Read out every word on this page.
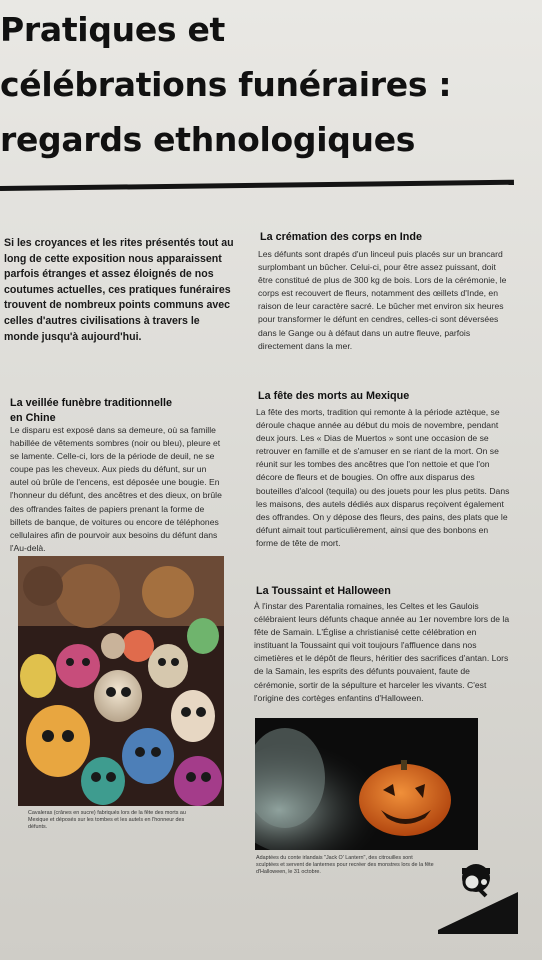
Pratiques et
célébrations funéraires :
regards ethnologiques

Si les croyances et les rites présentés tout au long de cette exposition nous apparaissent parfois étranges et assez éloignés de nos coutumes actuelles, ces pratiques funéraires trouvent de nombreux points communs avec celles d'autres civilisations à travers le monde jusqu'à aujourd'hui.

La veillée funèbre traditionnelle en Chine

Le disparu est exposé dans sa demeure, où sa famille habillée de vêtements sombres (noir ou bleu), pleure et se lamente. Celle-ci, lors de la période de deuil, ne se coupe pas les cheveux. Aux pieds du défunt, sur un autel où brûle de l'encens, est déposée une bougie. En l'honneur du défunt, des ancêtres et des dieux, on brûle des offrandes faites de papiers prenant la forme de billets de banque, de voitures ou encore de téléphones cellulaires afin de pourvoir aux besoins du défunt dans l'Au-delà.

Cavaleras (crânes en sucre) fabriqués lors de la fête des morts au Mexique et déposés sur les tombes et les autels en l'honneur des défunts.

La crémation des corps en Inde

Les défunts sont drapés d'un linceul puis placés sur un brancard surplombant un bûcher. Celui-ci, pour être assez puissant, doit être constitué de plus de 300 kg de bois. Lors de la cérémonie, le corps est recouvert de fleurs, notamment des œillets d'Inde, en raison de leur caractère sacré. Le bûcher met environ six heures pour transformer le défunt en cendres, celles-ci sont déversées dans le Gange ou à défaut dans un autre fleuve, parfois directement dans la mer.

La fête des morts au Mexique

La fête des morts, tradition qui remonte à la période aztèque, se déroule chaque année au début du mois de novembre, pendant deux jours. Les « Dias de Muertos » sont une occasion de se retrouver en famille et de s'amuser en se riant de la mort. On se réunit sur les tombes des ancêtres que l'on nettoie et que l'on décore de fleurs et de bougies. On offre aux disparus des bouteilles d'alcool (tequila) ou des jouets pour les plus petits. Dans les maisons, des autels dédiés aux disparus reçoivent également des offrandes. On y dépose des fleurs, des pains, des plats que le défunt aimait tout particulièrement, ainsi que des bonbons en forme de tête de mort.

La Toussaint et Halloween

À l'instar des Parentalia romaines, les Celtes et les Gaulois célébraient leurs défunts chaque année au 1er novembre lors de la fête de Samain. L'Église a christianisé cette célébration en instituant la Toussaint qui voit toujours l'affluence dans nos cimetières et le dépôt de fleurs, héritier des sacrifices d'antan. Lors de la Samain, les esprits des défunts pouvaient, faute de cérémonie, sortir de la sépulture et harceler les vivants. C'est l'origine des cortèges enfantins d'Halloween.

Adaptées du conte irlandais "Jack O' Lantern", des citrouilles sont sculptées et servent de lanternes pour recréer des monstres lors de la fête d'Halloween, le 31 octobre.
